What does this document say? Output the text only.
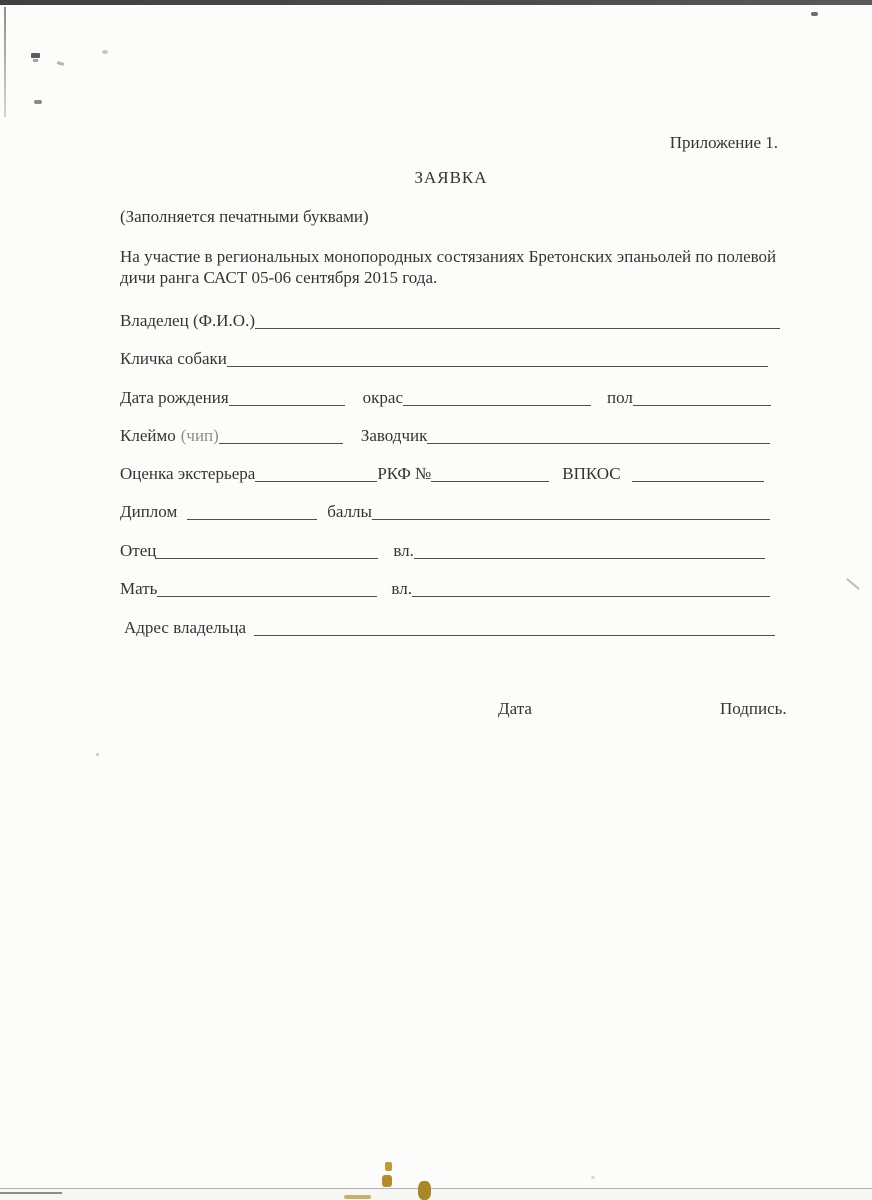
Приложение 1.
ЗАЯВКА
(Заполняется печатными буквами)
На участие в региональных монопородных состязаниях Бретонских эпаньолей по полевой дичи ранга САСТ 05-06 сентября 2015 года.
Владелец (Ф.И.О.)
Кличка собаки
Дата рождения	окрас	пол
Клеймо (чип)	Заводчик
Оценка экстерьера	РКФ №	ВПКОС
Диплом	баллы
Отец	вл.
Мать	вл.
Адрес владельца
Дата	Подпись.
